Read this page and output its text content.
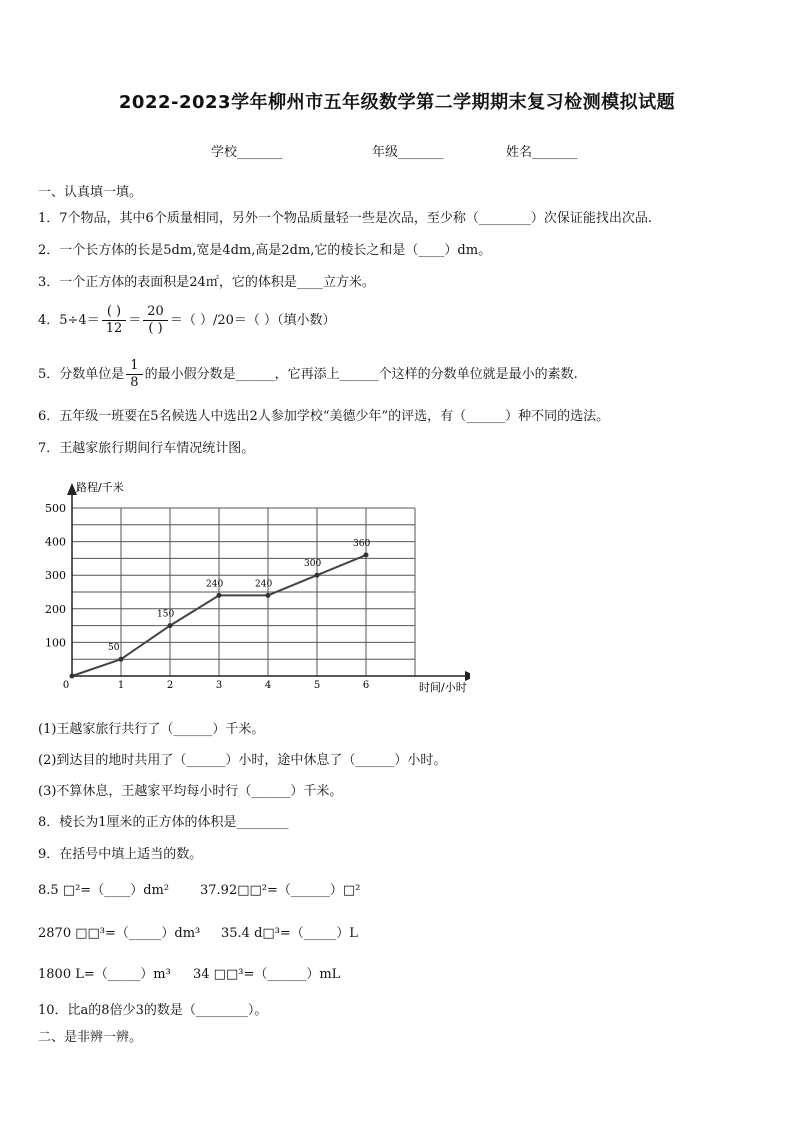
2022-2023学年柳州市五年级数学第二学期期末复习检测模拟试题
学校_______	年级_______	姓名_______
一、认真填一填。
1．7个物品，其中6个质量相同，另外一个物品质量轻一些是次品，至少称（________）次保证能找出次品.
2．一个长方体的长是5dm,宽是4dm,高是2dm,它的棱长之和是（____）dm。
3．一个正方体的表面积是24㎡，它的体积是____立方米。
4．$5\div 4= \frac{( )}{12} = \frac{20}{( )}$ ＝（ ）/20＝（ ）（填小数）
5．分数单位是 $\frac{1}{8}$ 的最小假分数是______，它再添上______个这样的分数单位就是最小的素数.
6．五年级一班要在5名候选人中选出2人参加学校“美德少年”的评选，有（______）种不同的选法。
7．王越家旅行期间行车情况统计图。
100
200
300
400
500
0	1	2	3	4	5	6
路程/千米
时间/小时
50
150
240	240
300
360
(1)王越家旅行共行了（______）千米。
(2)到达目的地时共用了（______）小时，途中休息了（______）小时。
(3)不算休息，王越家平均每小时行（______）千米。
8．棱长为1厘米的正方体的体积是________
9．在括号中填上适当的数。
8.5 □²=（____）dm² 37.92□□²=（______）□²
2870 □□³=（_____）dm³ 35.4 d□³=（_____）L
1800 L=（_____）m³ 34 □□³=（______）mL
10．比a的8倍少3的数是（________）。
二、是非辨一辨。
